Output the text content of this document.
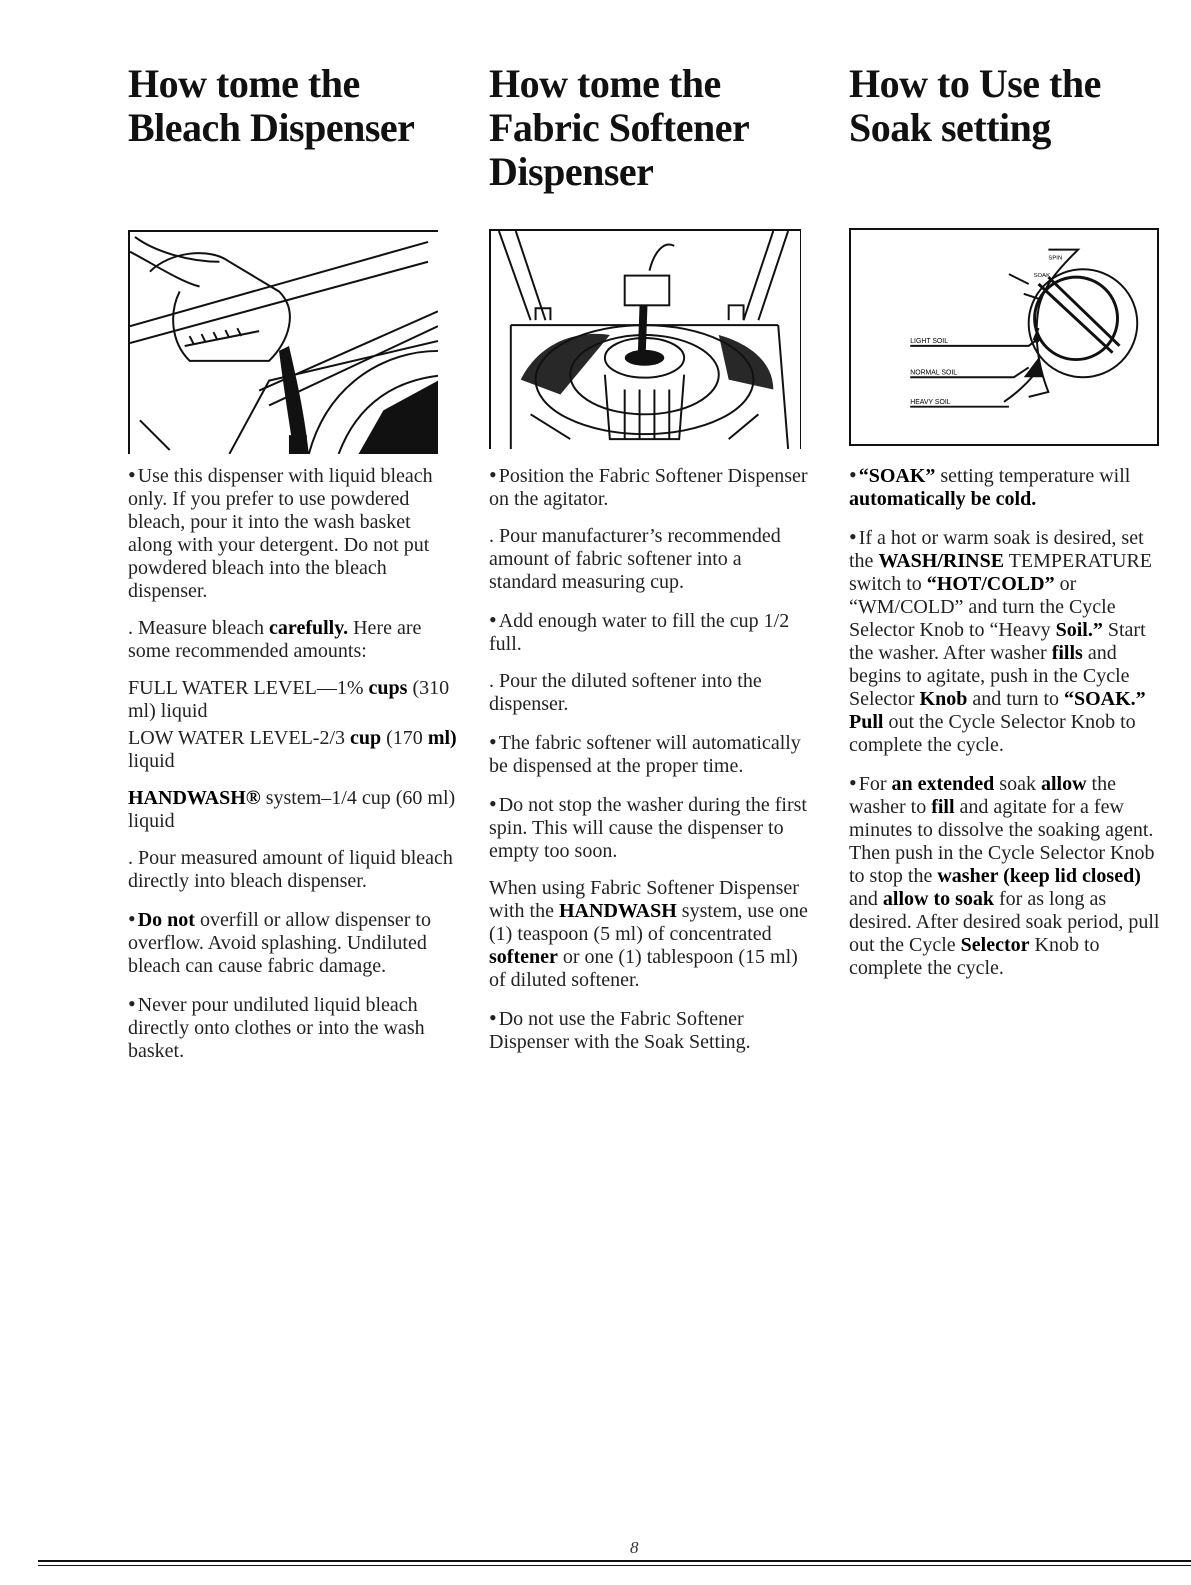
How tome the
Bleach Dispenser

• Use this dispenser with liquid bleach only. If you prefer to use powdered bleach, pour it into the wash basket along with your detergent. Do not put powdered bleach into the bleach dispenser.

. Measure bleach carefully. Here are some recommended amounts:

FULL WATER LEVEL—1% cups (310 ml) liquid

LOW WATER LEVEL-2/3 cup (170 ml) liquid

HANDWASH® system–1/4 cup (60 ml) liquid

. Pour measured amount of liquid bleach directly into bleach dispenser.

• Do not overfill or allow dispenser to overflow. Avoid splashing. Undiluted bleach can cause fabric damage.

• Never pour undiluted liquid bleach directly onto clothes or into the wash basket.

How tome the
Fabric Softener
Dispenser

• Position the Fabric Softener Dispenser on the agitator.

. Pour manufacturer’s recommended amount of fabric softener into a standard measuring cup.

• Add enough water to fill the cup 1/2 full.

. Pour the diluted softener into the dispenser.

• The fabric softener will automatically be dispensed at the proper time.

• Do not stop the washer during the first spin. This will cause the dispenser to empty too soon.

When using Fabric Softener Dispenser with the HANDWASH system, use one (1) teaspoon (5 ml) of concentrated softener or one (1) tablespoon (15 ml) of diluted softener.

• Do not use the Fabric Softener Dispenser with the Soak Setting.

How to Use the
Soak setting
SPIN
SOAK
LIGHT SOIL
NORMAL SOIL
HEAVY SOIL

• “SOAK” setting temperature will automatically be cold.

• If a hot or warm soak is desired, set the WASH/RINSE TEMPERATURE switch to “HOT/COLD” or “WM/COLD” and turn the Cycle Selector Knob to “Heavy Soil.” Start the washer. After washer fills and begins to agitate, push in the Cycle Selector Knob and turn to “SOAK.” Pull out the Cycle Selector Knob to complete the cycle.

• For an extended soak allow the washer to fill and agitate for a few minutes to dissolve the soaking agent. Then push in the Cycle Selector Knob to stop the washer (keep lid closed) and allow to soak for as long as desired. After desired soak period, pull out the Cycle Selector Knob to complete the cycle.

8
